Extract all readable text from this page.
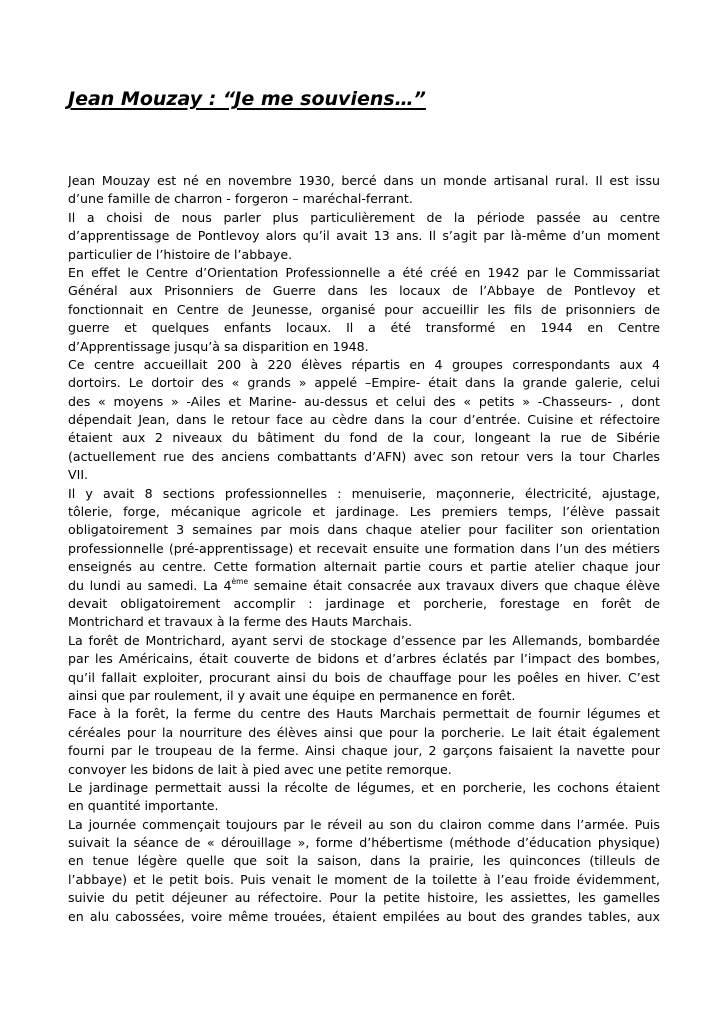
Jean Mouzay : “Je me souviens…”
Jean Mouzay est né en novembre 1930, bercé dans un monde artisanal rural. Il est issu
d’une famille de charron - forgeron – maréchal-ferrant.
Il a choisi de nous parler plus particulièrement de la période passée au centre
d’apprentissage de Pontlevoy alors qu’il avait 13 ans. Il s’agit par là-même d’un moment
particulier de l’histoire de l’abbaye.
En effet le Centre d’Orientation Professionnelle a été créé en 1942 par le Commissariat
Général aux Prisonniers de Guerre dans les locaux de l’Abbaye de Pontlevoy et
fonctionnait en Centre de Jeunesse, organisé pour accueillir les fils de prisonniers de
guerre et quelques enfants locaux. Il a été transformé en 1944 en Centre
d’Apprentissage jusqu’à sa disparition en 1948.
Ce centre accueillait 200 à 220 élèves répartis en 4 groupes correspondants aux 4
dortoirs. Le dortoir des « grands » appelé –Empire- était dans la grande galerie, celui
des « moyens » -Ailes et Marine- au-dessus et celui des « petits » -Chasseurs- , dont
dépendait Jean, dans le retour face au cèdre dans la cour d’entrée. Cuisine et réfectoire
étaient aux 2 niveaux du bâtiment du fond de la cour, longeant la rue de Sibérie
(actuellement rue des anciens combattants d’AFN) avec son retour vers la tour Charles
VII.
Il y avait 8 sections professionnelles : menuiserie, maçonnerie, électricité, ajustage,
tôlerie, forge, mécanique agricole et jardinage. Les premiers temps, l’élève passait
obligatoirement 3 semaines par mois dans chaque atelier pour faciliter son orientation
professionnelle (pré-apprentissage) et recevait ensuite une formation dans l’un des métiers
enseignés au centre. Cette formation alternait partie cours et partie atelier chaque jour
du lundi au samedi. La 4ème semaine était consacrée aux travaux divers que chaque élève
devait obligatoirement accomplir : jardinage et porcherie, forestage en forêt de
Montrichard et travaux à la ferme des Hauts Marchais.
La forêt de Montrichard, ayant servi de stockage d’essence par les Allemands, bombardée
par les Américains, était couverte de bidons et d’arbres éclatés par l’impact des bombes,
qu’il fallait exploiter, procurant ainsi du bois de chauffage pour les poêles en hiver. C’est
ainsi que par roulement, il y avait une équipe en permanence en forêt.
Face à la forêt, la ferme du centre des Hauts Marchais permettait de fournir légumes et
céréales pour la nourriture des élèves ainsi que pour la porcherie. Le lait était également
fourni par le troupeau de la ferme. Ainsi chaque jour, 2 garçons faisaient la navette pour
convoyer les bidons de lait à pied avec une petite remorque.
Le jardinage permettait aussi la récolte de légumes, et en porcherie, les cochons étaient
en quantité importante.
La journée commençait toujours par le réveil au son du clairon comme dans l’armée. Puis
suivait la séance de « dérouillage », forme d’hébertisme (méthode d’éducation physique)
en tenue légère quelle que soit la saison, dans la prairie, les quinconces (tilleuls de
l’abbaye) et le petit bois. Puis venait le moment de la toilette à l’eau froide évidemment,
suivie du petit déjeuner au réfectoire. Pour la petite histoire, les assiettes, les gamelles
en alu cabossées, voire même trouées, étaient empilées au bout des grandes tables, aux
